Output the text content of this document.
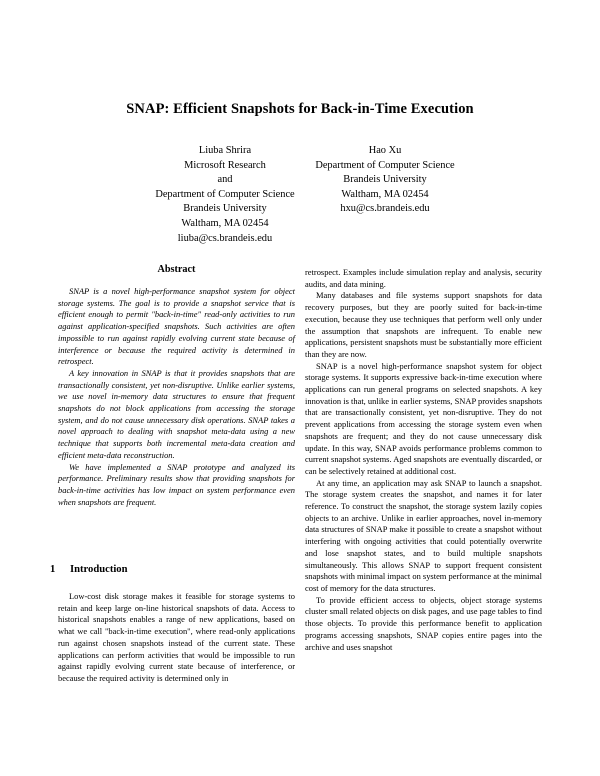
SNAP: Efficient Snapshots for Back-in-Time Execution
Liuba Shrira
Microsoft Research
and
Department of Computer Science
Brandeis University
Waltham, MA 02454
liuba@cs.brandeis.edu
Hao Xu
Department of Computer Science
Brandeis University
Waltham, MA 02454
hxu@cs.brandeis.edu
Abstract

SNAP is a novel high-performance snapshot system for object storage systems. The goal is to provide a snapshot service that is efficient enough to permit "back-in-time" read-only activities to run against application-specified snapshots. Such activities are often impossible to run against rapidly evolving current state because of interference or because the required activity is determined in retrospect.

A key innovation in SNAP is that it provides snapshots that are transactionally consistent, yet non-disruptive. Unlike earlier systems, we use novel in-memory data structures to ensure that frequent snapshots do not block applications from accessing the storage system, and do not cause unnecessary disk operations. SNAP takes a novel approach to dealing with snapshot meta-data using a new technique that supports both incremental meta-data creation and efficient meta-data reconstruction.

We have implemented a SNAP prototype and analyzed its performance. Preliminary results show that providing snapshots for back-in-time activities has low impact on system performance even when snapshots are frequent.

1 Introduction

Low-cost disk storage makes it feasible for storage systems to retain and keep large on-line historical snapshots of data. Access to historical snapshots enables a range of new applications, based on what we call "back-in-time execution", where read-only applications run against chosen snapshots instead of the current state. These applications can perform activities that would be impossible to run against rapidly evolving current state because of interference, or because the required activity is determined only in

retrospect. Examples include simulation replay and analysis, security audits, and data mining.

Many databases and file systems support snapshots for data recovery purposes, but they are poorly suited for back-in-time execution, because they use techniques that perform well only under the assumption that snapshots are infrequent. To enable new applications, persistent snapshots must be substantially more efficient than they are now.

SNAP is a novel high-performance snapshot system for object storage systems. It supports expressive back-in-time execution where applications can run general programs on selected snapshots. A key innovation is that, unlike in earlier systems, SNAP provides snapshots that are transactionally consistent, yet non-disruptive. They do not prevent applications from accessing the storage system even when snapshots are frequent; and they do not cause unnecessary disk update. In this way, SNAP avoids performance problems common to current snapshot systems. Aged snapshots are eventually discarded, or can be selectively retained at additional cost.

At any time, an application may ask SNAP to launch a snapshot. The storage system creates the snapshot, and names it for later reference. To construct the snapshot, the storage system lazily copies objects to an archive. Unlike in earlier approaches, novel in-memory data structures of SNAP make it possible to create a snapshot without interfering with ongoing activities that could potentially overwrite and lose snapshot states, and to build multiple snapshots simultaneously. This allows SNAP to support frequent consistent snapshots with minimal impact on system performance at the minimal cost of memory for the data structures.

To provide efficient access to objects, object storage systems cluster small related objects on disk pages, and use page tables to find those objects. To provide this performance benefit to application programs accessing snapshots, SNAP copies entire pages into the archive and uses snapshot
